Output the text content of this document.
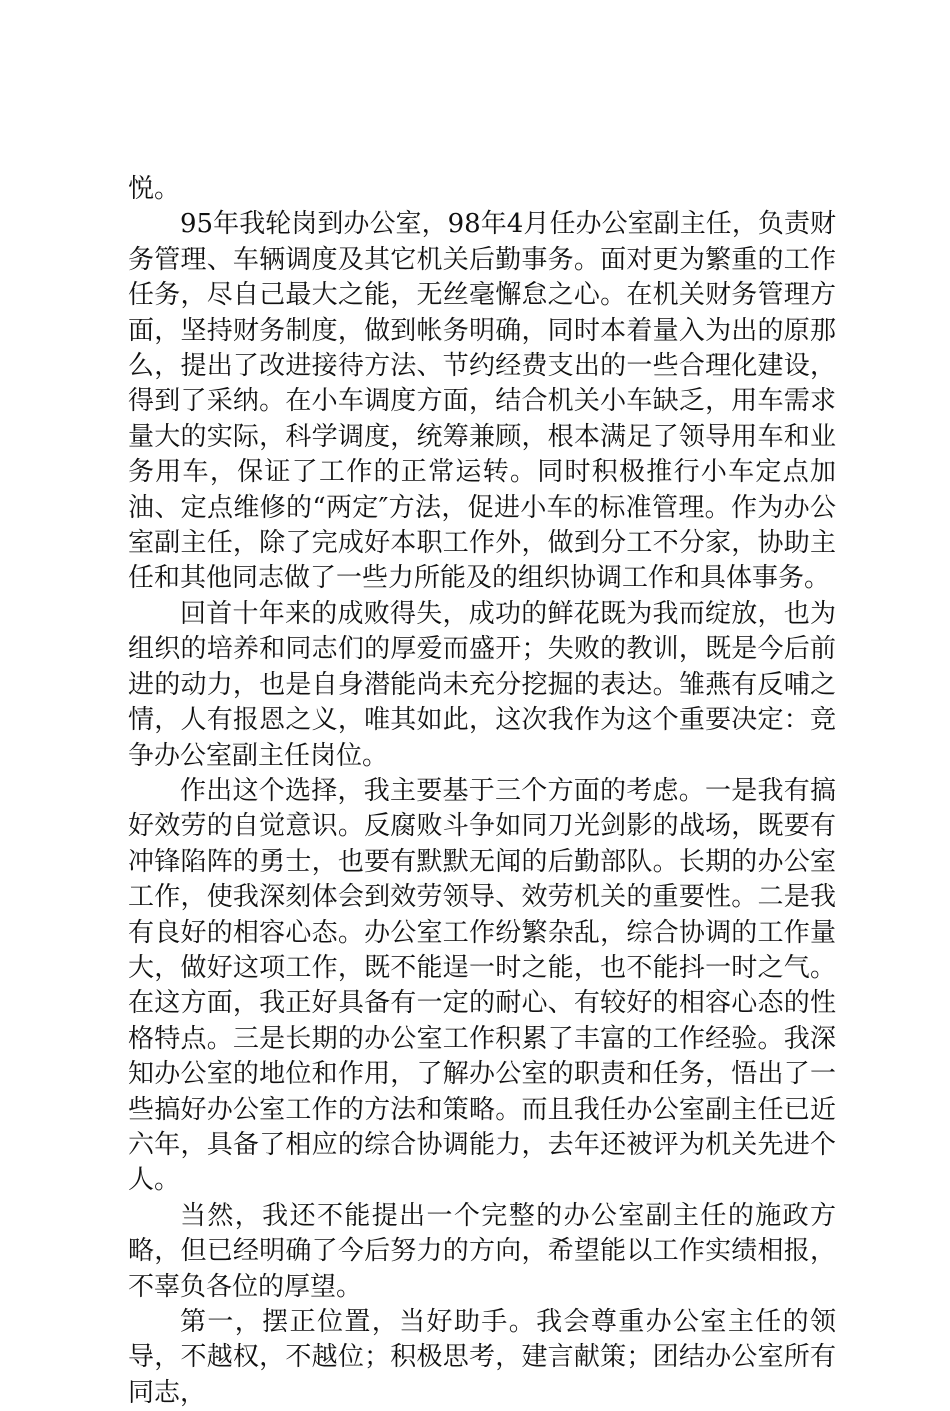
悦。

95年我轮岗到办公室，98年4月任办公室副主任，负责财务管理、车辆调度及其它机关后勤事务。面对更为繁重的工作任务，尽自己最大之能，无丝毫懈怠之心。在机关财务管理方面，坚持财务制度，做到帐务明确，同时本着量入为出的原那么，提出了改进接待方法、节约经费支出的一些合理化建设，得到了采纳。在小车调度方面，结合机关小车缺乏，用车需求量大的实际，科学调度，统筹兼顾，根本满足了领导用车和业务用车，保证了工作的正常运转。同时积极推行小车定点加油、定点维修的“两定″方法，促进小车的标准管理。作为办公室副主任，除了完成好本职工作外，做到分工不分家，协助主任和其他同志做了一些力所能及的组织协调工作和具体事务。

回首十年来的成败得失，成功的鲜花既为我而绽放，也为组织的培养和同志们的厚爱而盛开；失败的教训，既是今后前进的动力，也是自身潜能尚未充分挖掘的表达。雏燕有反哺之情，人有报恩之义，唯其如此，这次我作为这个重要决定：竞争办公室副主任岗位。

作出这个选择，我主要基于三个方面的考虑。一是我有搞好效劳的自觉意识。反腐败斗争如同刀光剑影的战场，既要有冲锋陷阵的勇士，也要有默默无闻的后勤部队。长期的办公室工作，使我深刻体会到效劳领导、效劳机关的重要性。二是我有良好的相容心态。办公室工作纷繁杂乱，综合协调的工作量大，做好这项工作，既不能逞一时之能，也不能抖一时之气。在这方面，我正好具备有一定的耐心、有较好的相容心态的性格特点。三是长期的办公室工作积累了丰富的工作经验。我深知办公室的地位和作用，了解办公室的职责和任务，悟出了一些搞好办公室工作的方法和策略。而且我任办公室副主任已近六年，具备了相应的综合协调能力，去年还被评为机关先进个人。

当然，我还不能提出一个完整的办公室副主任的施政方略，但已经明确了今后努力的方向，希望能以工作实绩相报，不辜负各位的厚望。

第一，摆正位置，当好助手。我会尊重办公室主任的领导，不越权，不越位；积极思考，建言献策；团结办公室所有同志，
